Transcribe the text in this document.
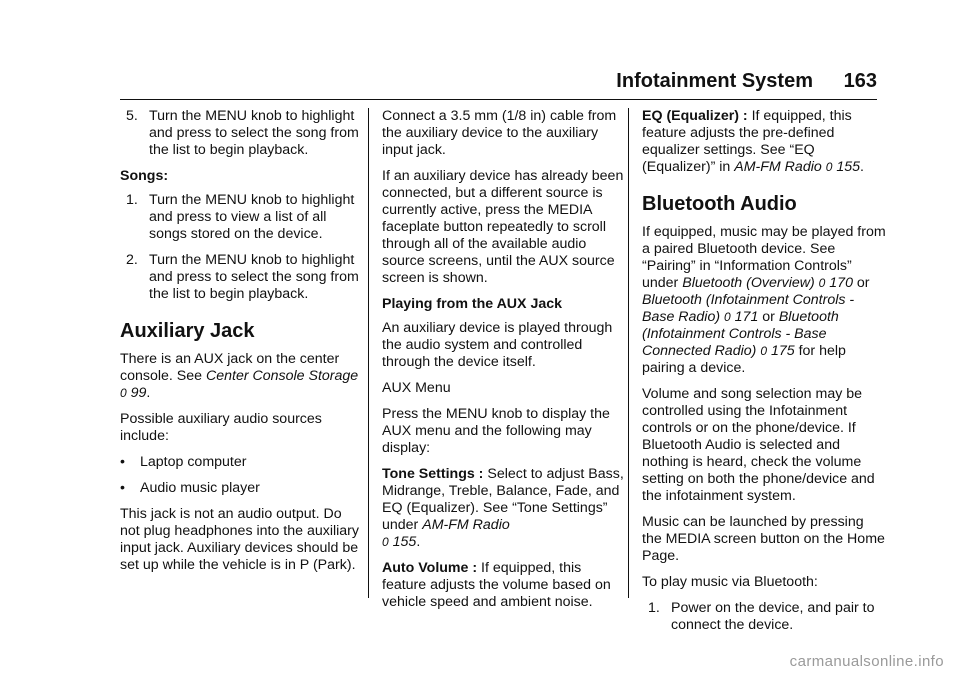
Infotainment System 163
5. Turn the MENU knob to highlight and press to select the song from the list to begin playback.
Songs:
1. Turn the MENU knob to highlight and press to view a list of all songs stored on the device.
2. Turn the MENU knob to highlight and press to select the song from the list to begin playback.
Auxiliary Jack

There is an AUX jack on the center console. See Center Console Storage 0 99.

Possible auxiliary audio sources include:

•	Laptop computer
•	Audio music player

This jack is not an audio output. Do not plug headphones into the auxiliary input jack. Auxiliary devices should be set up while the vehicle is in P (Park).

Connect a 3.5 mm (1/8 in) cable from the auxiliary device to the auxiliary input jack.

If an auxiliary device has already been connected, but a different source is currently active, press the MEDIA faceplate button repeatedly to scroll through all of the available audio source screens, until the AUX source screen is shown.

Playing from the AUX Jack

An auxiliary device is played through the audio system and controlled through the device itself.

AUX Menu

Press the MENU knob to display the AUX menu and the following may display:

Tone Settings : Select to adjust Bass, Midrange, Treble, Balance, Fade, and EQ (Equalizer). See “Tone Settings” under AM-FM Radio
0 155.

Auto Volume : If equipped, this feature adjusts the volume based on vehicle speed and ambient noise.

EQ (Equalizer) : If equipped, this feature adjusts the pre-defined equalizer settings. See “EQ (Equalizer)” in AM-FM Radio 0 155.

Bluetooth Audio

If equipped, music may be played from a paired Bluetooth device. See “Pairing” in “Information Controls” under Bluetooth (Overview) 0 170 or Bluetooth (Infotainment Controls - Base Radio) 0 171 or Bluetooth (Infotainment Controls - Base Connected Radio) 0 175 for help pairing a device.

Volume and song selection may be controlled using the Infotainment controls or on the phone/device. If Bluetooth Audio is selected and nothing is heard, check the volume setting on both the phone/device and the infotainment system.

Music can be launched by pressing the MEDIA screen button on the Home Page.

To play music via Bluetooth:

1. Power on the device, and pair to connect the device.
carmanualsonline.info
